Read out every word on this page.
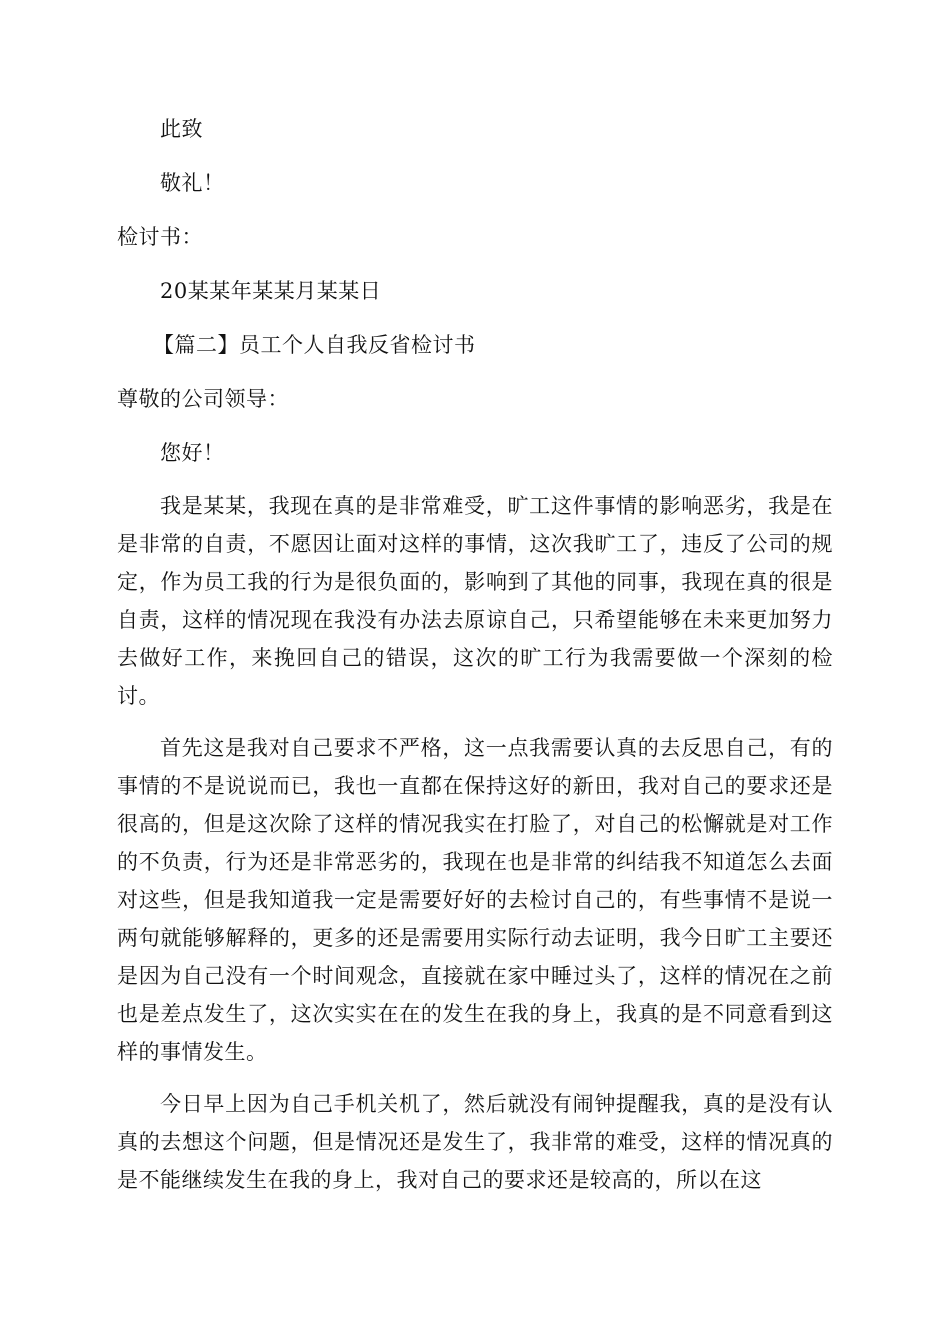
此致
敬礼！
检讨书：
20某某年某某月某某日
【篇二】员工个人自我反省检讨书
尊敬的公司领导：
您好！

我是某某，我现在真的是非常难受，旷工这件事情的影响恶劣，我是在是非常的自责，不愿因让面对这样的事情，这次我旷工了，违反了公司的规定，作为员工我的行为是很负面的，影响到了其他的同事，我现在真的很是自责，这样的情况现在我没有办法去原谅自己，只希望能够在未来更加努力去做好工作，来挽回自己的错误，这次的旷工行为我需要做一个深刻的检讨。

首先这是我对自己要求不严格，这一点我需要认真的去反思自己，有的事情的不是说说而已，我也一直都在保持这好的新田，我对自己的要求还是很高的，但是这次除了这样的情况我实在打脸了，对自己的松懈就是对工作的不负责，行为还是非常恶劣的，我现在也是非常的纠结我不知道怎么去面对这些，但是我知道我一定是需要好好的去检讨自己的，有些事情不是说一两句就能够解释的，更多的还是需要用实际行动去证明，我今日旷工主要还是因为自己没有一个时间观念，直接就在家中睡过头了，这样的情况在之前也是差点发生了，这次实实在在的发生在我的身上，我真的是不同意看到这样的事情发生。

今日早上因为自己手机关机了，然后就没有闹钟提醒我，真的是没有认真的去想这个问题，但是情况还是发生了，我非常的难受，这样的情况真的是不能继续发生在我的身上，我对自己的要求还是较高的，所以在这
